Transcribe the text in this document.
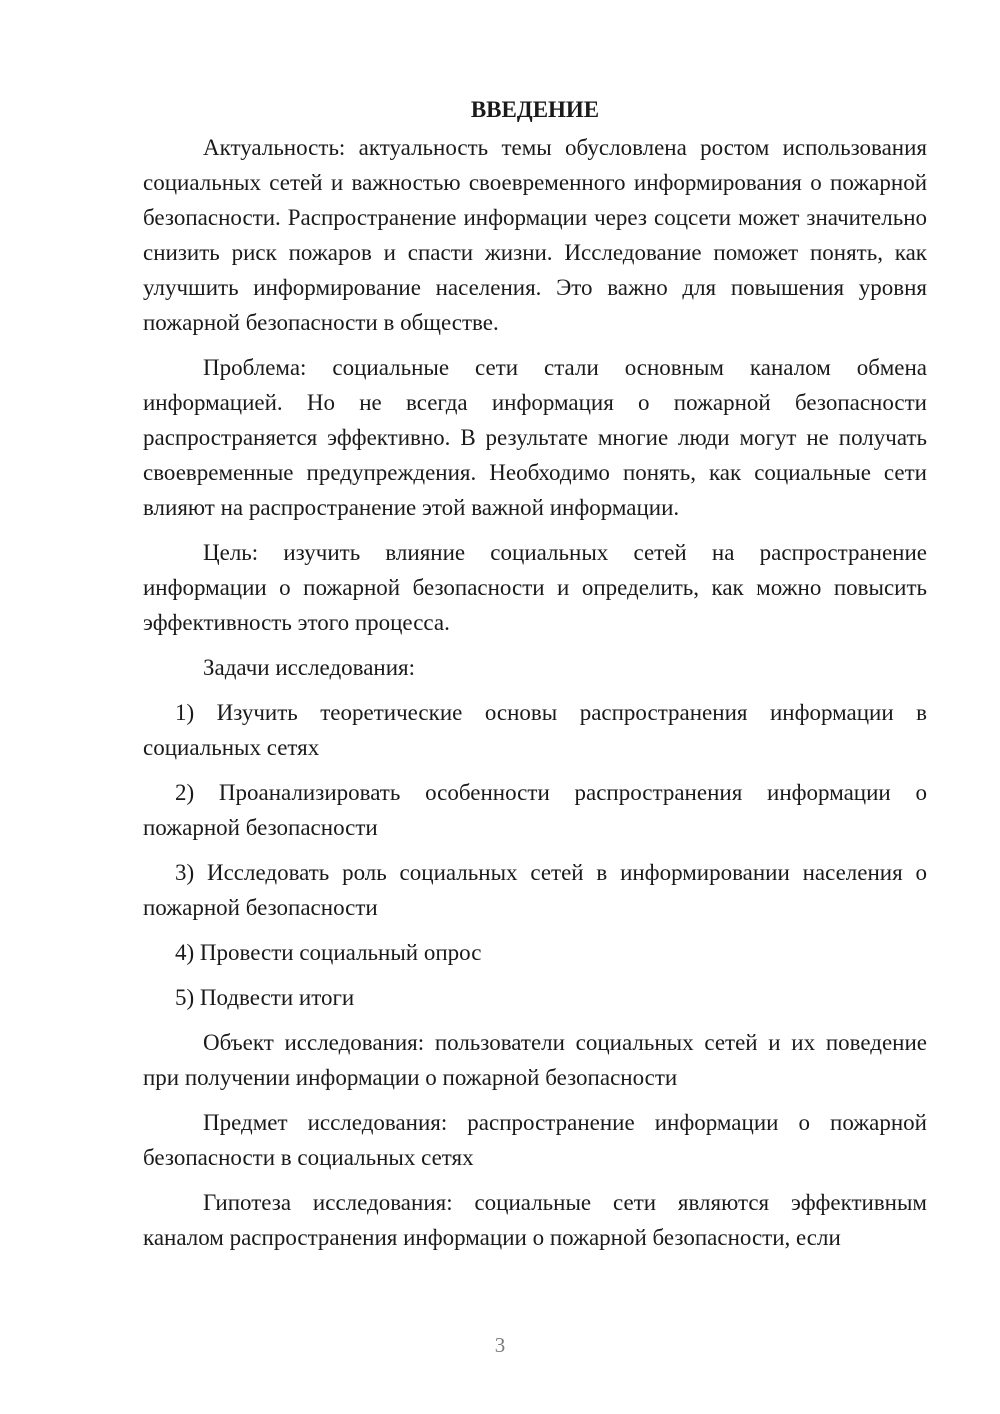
ВВЕДЕНИЕ

Актуальность: актуальность темы обусловлена ростом использования социальных сетей и важностью своевременного информирования о пожарной безопасности. Распространение информации через соцсети может значительно снизить риск пожаров и спасти жизни. Исследование поможет понять, как улучшить информирование населения. Это важно для повышения уровня пожарной безопасности в обществе.

Проблема: социальные сети стали основным каналом обмена информацией. Но не всегда информация о пожарной безопасности распространяется эффективно. В результате многие люди могут не получать своевременные предупреждения. Необходимо понять, как социальные сети влияют на распространение этой важной информации.

Цель: изучить влияние социальных сетей на распространение информации о пожарной безопасности и определить, как можно повысить эффективность этого процесса.

Задачи исследования:

1) Изучить теоретические основы распространения информации в социальных сетях

2) Проанализировать особенности распространения информации о пожарной безопасности

3) Исследовать роль социальных сетей в информировании населения о пожарной безопасности

4) Провести социальный опрос

5) Подвести итоги

Объект исследования: пользователи социальных сетей и их поведение при получении информации о пожарной безопасности

Предмет исследования: распространение информации о пожарной безопасности в социальных сетях

Гипотеза исследования: социальные сети являются эффективным каналом распространения информации о пожарной безопасности, если

3
